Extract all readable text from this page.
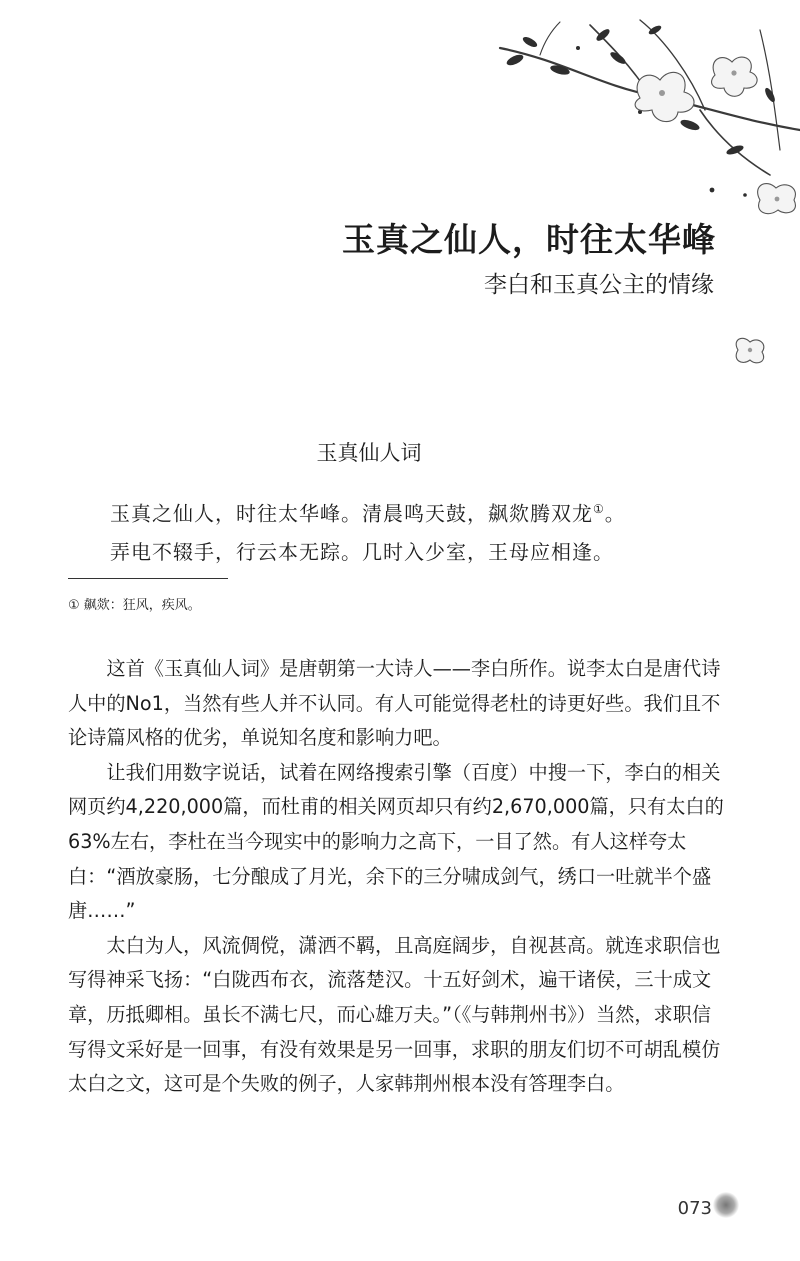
玉真之仙人，时往太华峰
李白和玉真公主的情缘
玉真仙人词
玉真之仙人，时往太华峰。清晨鸣天鼓，飙欻腾双龙①。
弄电不辍手，行云本无踪。几时入少室，王母应相逢。
① 飙欻：狂风，疾风。

这首《玉真仙人词》是唐朝第一大诗人——李白所作。说李太白是唐代诗人中的No1，当然有些人并不认同。有人可能觉得老杜的诗更好些。我们且不论诗篇风格的优劣，单说知名度和影响力吧。

让我们用数字说话，试着在网络搜索引擎（百度）中搜一下，李白的相关网页约4,220,000篇，而杜甫的相关网页却只有约2,670,000篇，只有太白的63%左右，李杜在当今现实中的影响力之高下，一目了然。有人这样夸太白：“酒放豪肠，七分酿成了月光，余下的三分啸成剑气，绣口一吐就半个盛唐……”

太白为人，风流倜傥，潇洒不羁，且高庭阔步，自视甚高。就连求职信也写得神采飞扬：“白陇西布衣，流落楚汉。十五好剑术，遍干诸侯，三十成文章，历抵卿相。虽长不满七尺，而心雄万夫。”（《与韩荆州书》）当然，求职信写得文采好是一回事，有没有效果是另一回事，求职的朋友们切不可胡乱模仿太白之文，这可是个失败的例子，人家韩荆州根本没有答理李白。

073
